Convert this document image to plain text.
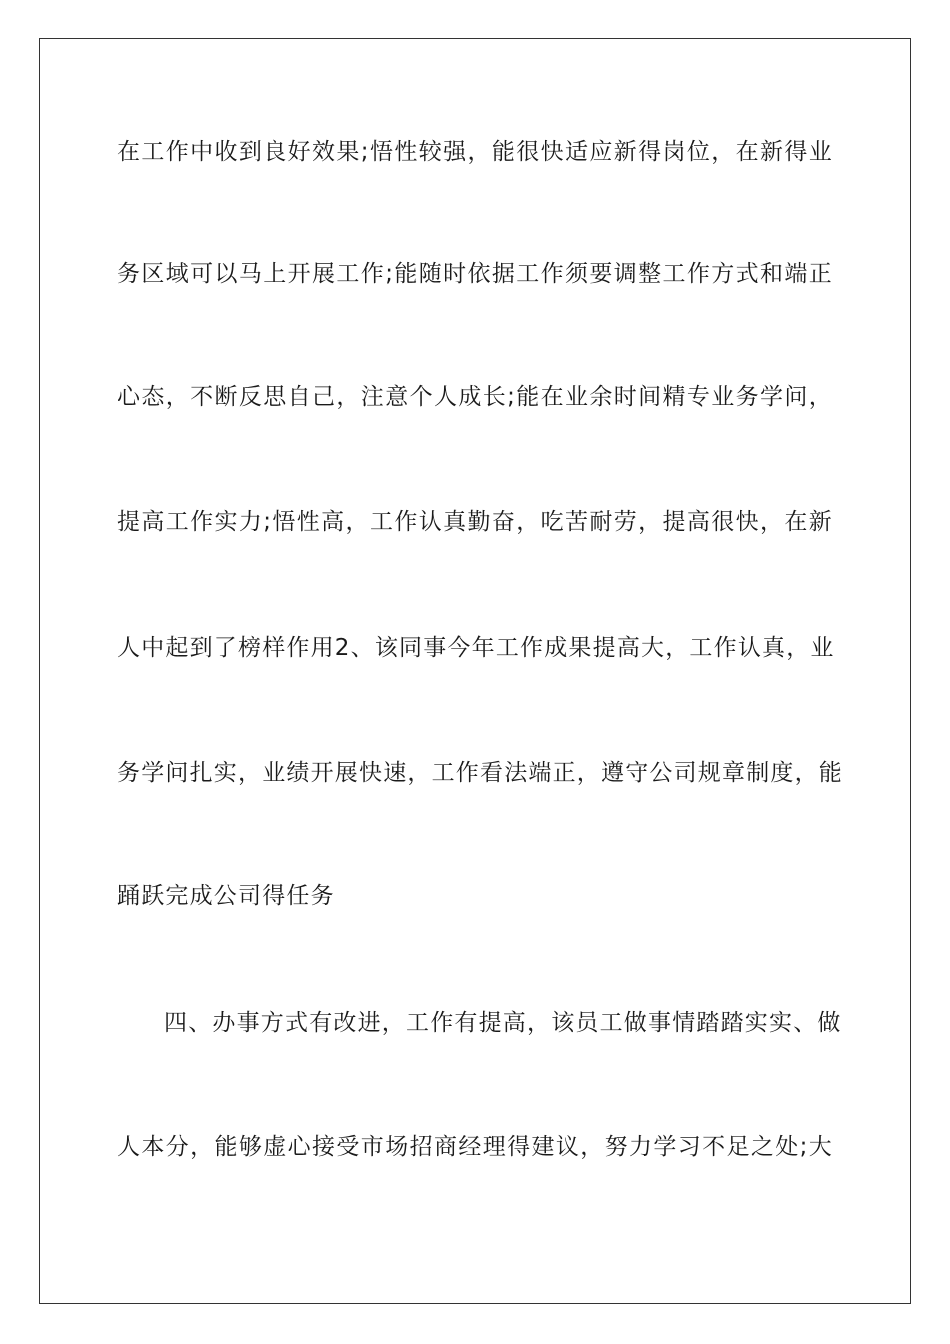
在工作中收到良好效果;悟性较强，能很快适应新得岗位，在新得业

务区域可以马上开展工作;能随时依据工作须要调整工作方式和端正

心态，不断反思自己，注意个人成长;能在业余时间精专业务学问，

提高工作实力;悟性高，工作认真勤奋，吃苦耐劳，提高很快，在新

人中起到了榜样作用2、该同事今年工作成果提高大，工作认真，业

务学问扎实，业绩开展快速，工作看法端正，遵守公司规章制度，能

踊跃完成公司得任务

四、办事方式有改进，工作有提高，该员工做事情踏踏实实、做

人本分，能够虚心接受市场招商经理得建议，努力学习不足之处;大
